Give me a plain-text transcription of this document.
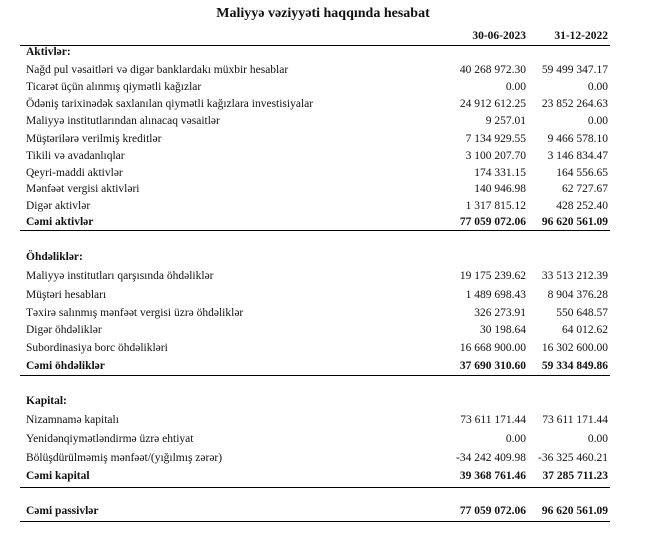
Maliyyə vəziyyəti haqqında hesabat
30-06-2023	31-12-2022
Aktivlər:
Nağd pul vəsaitləri və digər banklardakı müxbir hesablar	40 268 972.30	59 499 347.17
Ticarət üçün alınmış qiymətli kağızlar	0.00	0.00
Ödəniş tarixinədək saxlanılan qiymətli kağızlara investisiyalar	24 912 612.25	23 852 264.63
Maliyyə institutlarından alınacaq vəsaitlər	9 257.01	0.00
Müştərilərə verilmiş kreditlər	7 134 929.55	9 466 578.10
Tikili və avadanlıqlar	3 100 207.70	3 146 834.47
Qeyri-maddi aktivlər	174 331.15	164 556.65
Mənfəət vergisi aktivləri	140 946.98	62 727.67
Digər aktivlər	1 317 815.12	428 252.40
Cəmi aktivlər	77 059 072.06	96 620 561.09
Öhdəliklər:
Maliyyə institutları qarşısında öhdəliklər	19 175 239.62	33 513 212.39
Müştəri hesabları	1 489 698.43	8 904 376.28
Təxirə salınmış mənfəət vergisi üzrə öhdəliklər	326 273.91	550 648.57
Digər öhdəliklər	30 198.64	64 012.62
Subordinasiya borc öhdəlikləri	16 668 900.00	16 302 600.00
Cəmi öhdəliklər	37 690 310.60	59 334 849.86
Kapital:
Nizamnamə kapitalı	73 611 171.44	73 611 171.44
Yenidənqiymətləndirmə üzrə ehtiyat	0.00	0.00
Bölüşdürülməmiş mənfəət/(yığılmış zərər)	-34 242 409.98	-36 325 460.21
Cəmi kapital	39 368 761.46	37 285 711.23
Cəmi passivlər	77 059 072.06	96 620 561.09
